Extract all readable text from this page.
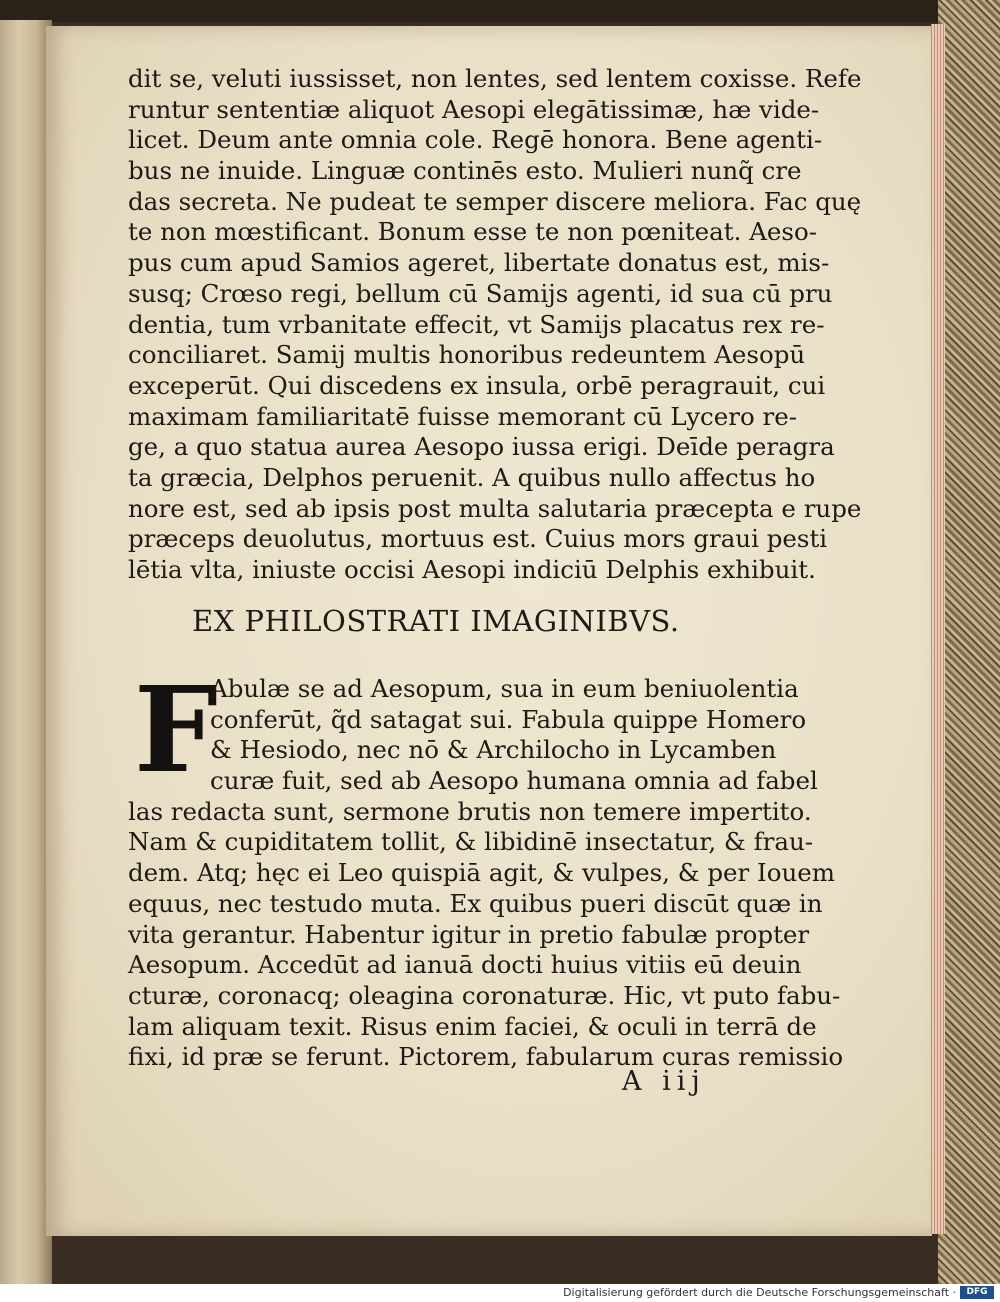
dit se, veluti iussisset, non lentes, sed lentem coxisse. Refe
runtur sententiæ aliquot Aesopi elegātissimæ, hæ vide-
licet. Deum ante omnia cole. Regē honora. Bene agenti-
bus ne inuide. Linguæ continēs esto. Mulieri nunq̃ cre
das secreta. Ne pudeat te semper discere meliora. Fac quę
te non mœstificant. Bonum esse te non pœniteat. Aeso-
pus cum apud Samios ageret, libertate donatus est, mis-
susq; Crœso regi, bellum cū Samijs agenti, id sua cū pru
dentia, tum vrbanitate effecit, vt Samijs placatus rex re-
conciliaret. Samij multis honoribus redeuntem Aesopū
exceperūt. Qui discedens ex insula, orbē peragrauit, cui
maximam familiaritatē fuisse memorant cū Lycero re-
ge, a quo statua aurea Aesopo iussa erigi. Deīde peragra
ta græcia, Delphos peruenit. A quibus nullo affectus ho
nore est, sed ab ipsis post multa salutaria præcepta e rupe
præceps deuolutus, mortuus est. Cuius mors graui pesti
lētia vlta, iniuste occisi Aesopi indiciū Delphis exhibuit.
EX PHILOSTRATI IMAGINIBVS.
F
Abulæ se ad Aesopum, sua in eum beniuolentia
conferūt, q̃d satagat sui. Fabula quippe Homero
& Hesiodo, nec nō & Archilocho in Lycamben
curæ fuit, sed ab Aesopo humana omnia ad fabel
las redacta sunt, sermone brutis non temere impertito.
Nam & cupiditatem tollit, & libidinē insectatur, & frau-
dem. Atq; hęc ei Leo quispiā agit, & vulpes, & per Iouem
equus, nec testudo muta. Ex quibus pueri discūt quæ in
vita gerantur. Habentur igitur in pretio fabulæ propter
Aesopum. Accedūt ad ianuā docti huius vitiis eū deuin
cturæ, coronacq; oleagina coronaturæ. Hic, vt puto fabu-
lam aliquam texit. Risus enim faciei, & oculi in terrā de
fixi, id præ se ferunt. Pictorem, fabularum curas remissio
A iij
Digitalisierung gefördert durch die Deutsche Forschungsgemeinschaft ·	DFG
